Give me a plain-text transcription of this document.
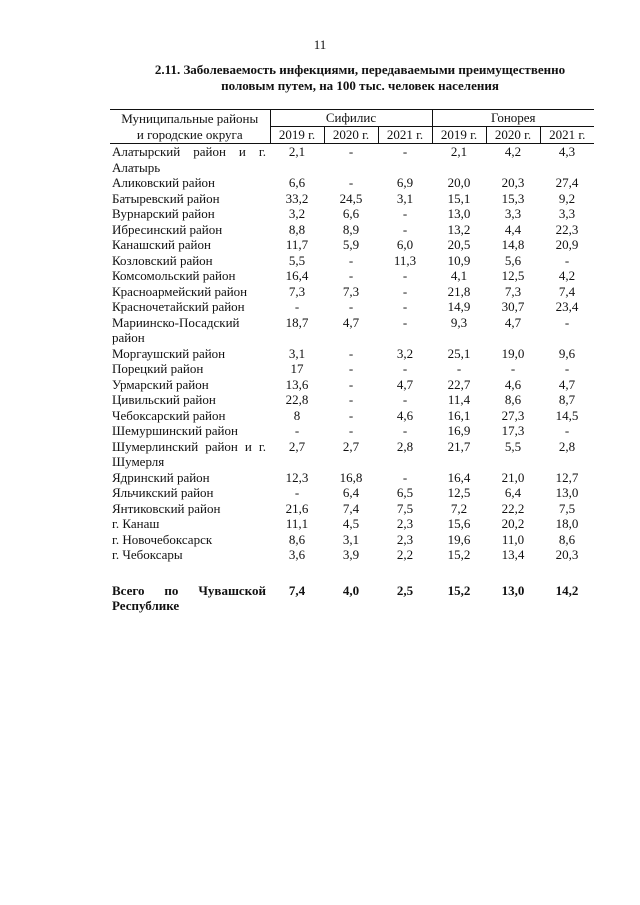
11
2.11. Заболеваемость инфекциями, передаваемыми преимущественно
половым путем, на 100 тыс. человек населения
Муниципальные районы
и городские округа	Сифилис			Гонорея		
	2019 г.	2020 г.	2021 г.	2019 г.	2020 г.	2021 г.
Алатырский район и г. Алатырь	2,1	-	-	2,1	4,2	4,3
Аликовский район	6,6	-	6,9	20,0	20,3	27,4
Батыревский район	33,2	24,5	3,1	15,1	15,3	9,2
Вурнарский район	3,2	6,6	-	13,0	3,3	3,3
Ибресинский район	8,8	8,9	-	13,2	4,4	22,3
Канашский район	11,7	5,9	6,0	20,5	14,8	20,9
Козловский район	5,5	-	11,3	10,9	5,6	-
Комсомольский район	16,4	-	-	4,1	12,5	4,2
Красноармейский район	7,3	7,3	-	21,8	7,3	7,4
Красночетайский район	-	-	-	14,9	30,7	23,4
Мариинско-Посадский район	18,7	4,7	-	9,3	4,7	-
Моргаушский район	3,1	-	3,2	25,1	19,0	9,6
Порецкий район	17	-	-	-	-	-
Урмарский район	13,6	-	4,7	22,7	4,6	4,7
Цивильский район	22,8	-	-	11,4	8,6	8,7
Чебоксарский район	8	-	4,6	16,1	27,3	14,5
Шемуршинский район	-	-	-	16,9	17,3	-
Шумерлинский район и г. Шумерля	2,7	2,7	2,8	21,7	5,5	2,8
Ядринский район	12,3	16,8	-	16,4	21,0	12,7
Яльчикский район	-	6,4	6,5	12,5	6,4	13,0
Янтиковский район	21,6	7,4	7,5	7,2	22,2	7,5
г. Канаш	11,1	4,5	2,3	15,6	20,2	18,0
г. Новочебоксарск	8,6	3,1	2,3	19,6	11,0	8,6
г. Чебоксары	3,6	3,9	2,2	15,2	13,4	20,3

Всего по Чувашской Республике	7,4	4,0	2,5	15,2	13,0	14,2
